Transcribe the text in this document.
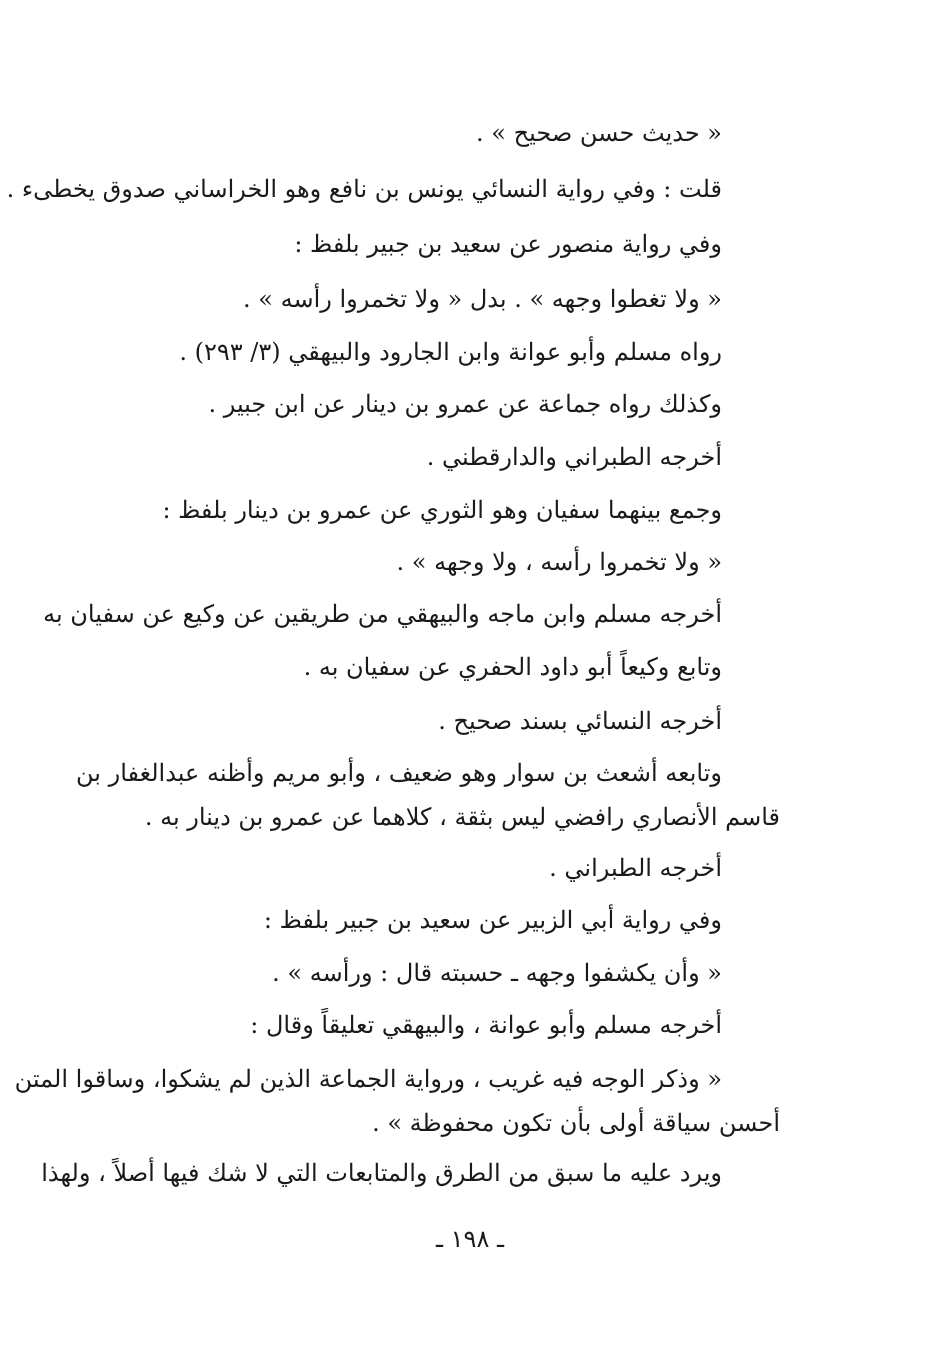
« حديث حسن صحيح » .
قلت : وفي رواية النسائي يونس بن نافع وهو الخراساني صدوق يخطىء .
وفي رواية منصور عن سعيد بن جبير بلفظ :
« ولا تغطوا وجهه » . بدل « ولا تخمروا رأسه » .
رواه مسلم وأبو عوانة وابن الجارود والبيهقي (٣/ ٢٩٣) .
وكذلك رواه جماعة عن عمرو بن دينار عن ابن جبير .
أخرجه الطبراني والدارقطني .
وجمع بينهما سفيان وهو الثوري عن عمرو بن دينار بلفظ :
« ولا تخمروا رأسه ، ولا وجهه » .
أخرجه مسلم وابن ماجه والبيهقي من طريقين عن وكيع عن سفيان به
وتابع وكيعاً أبو داود الحفري عن سفيان به .
أخرجه النسائي بسند صحيح .
وتابعه أشعث بن سوار وهو ضعيف ، وأبو مريم وأظنه عبدالغفار بن
قاسم الأنصاري رافضي ليس بثقة ، كلاهما عن عمرو بن دينار به .
أخرجه الطبراني .
وفي رواية أبي الزبير عن سعيد بن جبير بلفظ :
« وأن يكشفوا وجهه ـ حسبته قال : ورأسه » .
أخرجه مسلم وأبو عوانة ، والبيهقي تعليقاً وقال :
« وذكر الوجه فيه غريب ، ورواية الجماعة الذين لم يشكوا، وساقوا المتن
أحسن سياقة أولى بأن تكون محفوظة » .
ويرد عليه ما سبق من الطرق والمتابعات التي لا شك فيها أصلاً ، ولهذا
ـ ١٩٨ ـ
